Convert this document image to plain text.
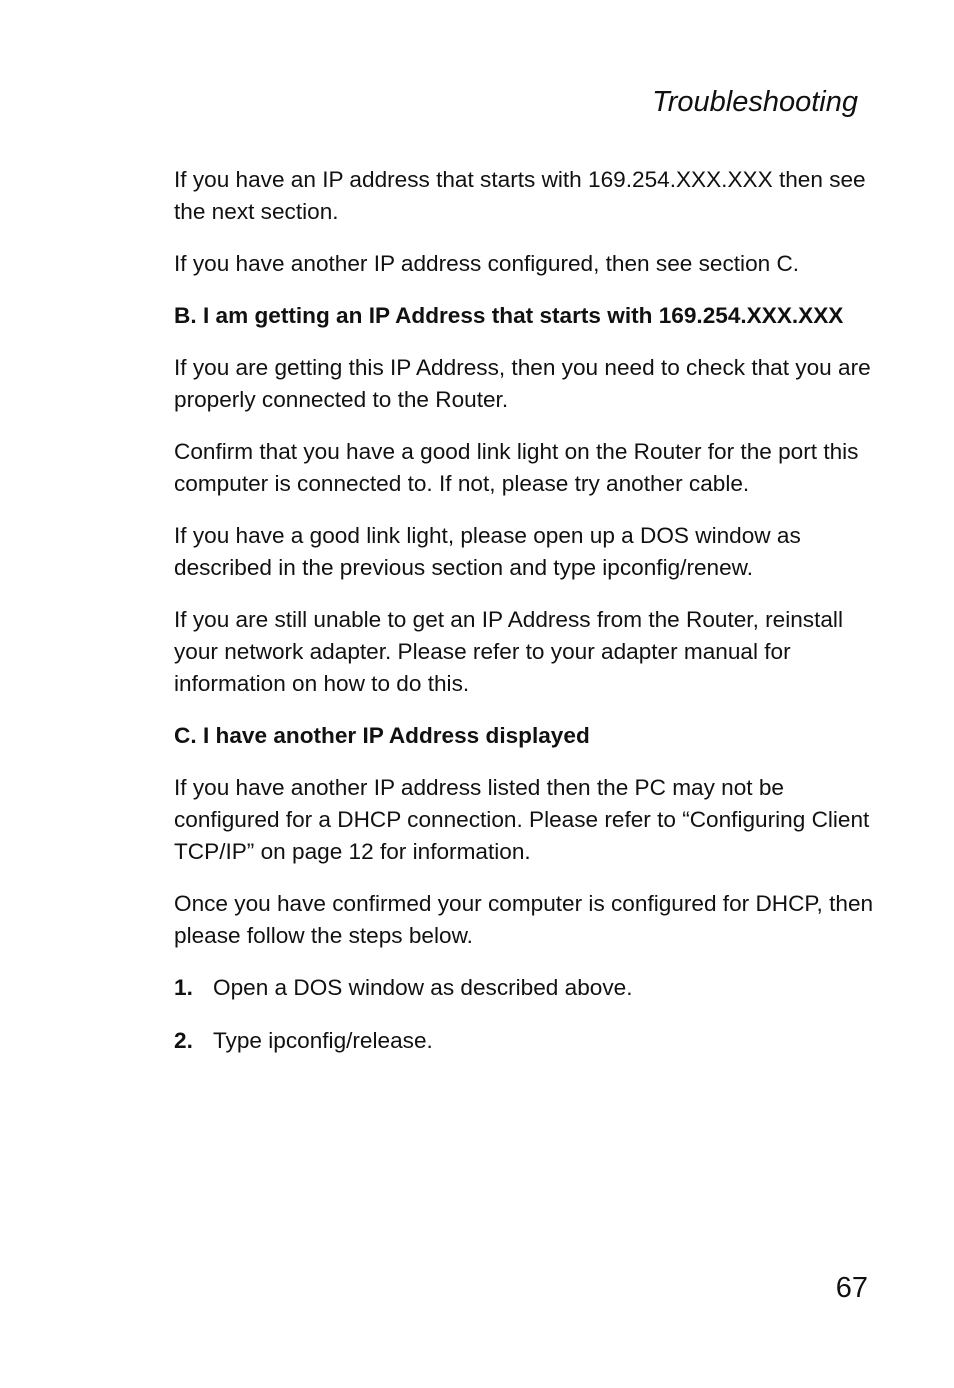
Troubleshooting

If you have an IP address that starts with 169.254.XXX.XXX then see the next section.

If you have another IP address configured, then see section C.

B. I am getting an IP Address that starts with 169.254.XXX.XXX

If you are getting this IP Address, then you need to check that you are properly connected to the Router.

Confirm that you have a good link light on the Router for the port this computer is connected to. If not, please try another cable.

If you have a good link light, please open up a DOS window as described in the previous section and type ipconfig/renew.

If you are still unable to get an IP Address from the Router, reinstall your network adapter. Please refer to your adapter manual for information on how to do this.

C. I have another IP Address displayed

If you have another IP address listed then the PC may not be configured for a DHCP connection. Please refer to “Configuring Client TCP/IP” on page 12 for information.

Once you have confirmed your computer is configured for DHCP, then please follow the steps below.

1. Open a DOS window as described above.
2. Type ipconfig/release.
67
